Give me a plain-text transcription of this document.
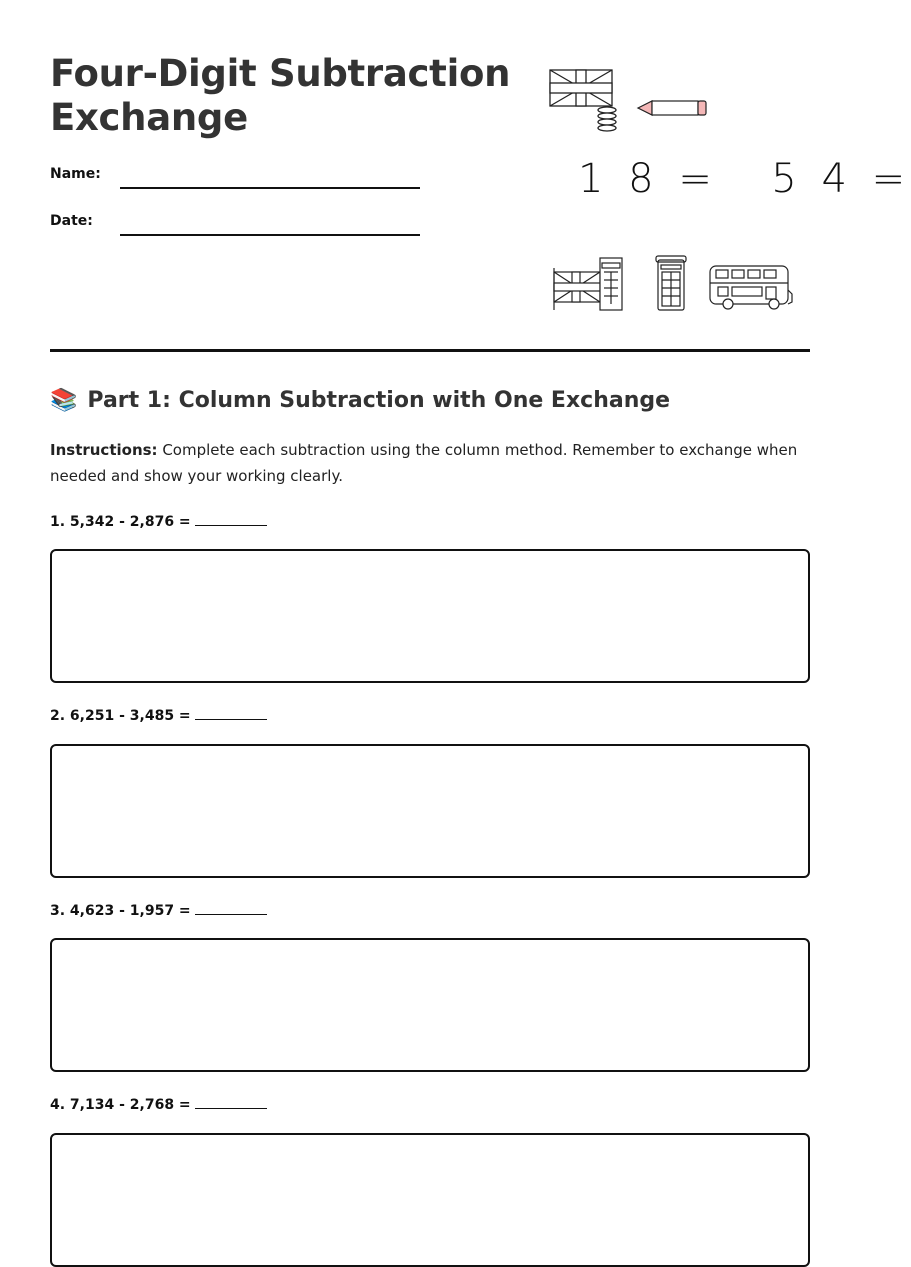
Four-Digit Subtraction Exchange
Name:
Date:
1 8 = 5 4 =
📚 Part 1: Column Subtraction with One Exchange

Instructions: Complete each subtraction using the column method. Remember to exchange when needed and show your working clearly.

1. 5,342 - 2,876 =
2. 6,251 - 3,485 =
3. 4,623 - 1,957 =
4. 7,134 - 2,768 =
